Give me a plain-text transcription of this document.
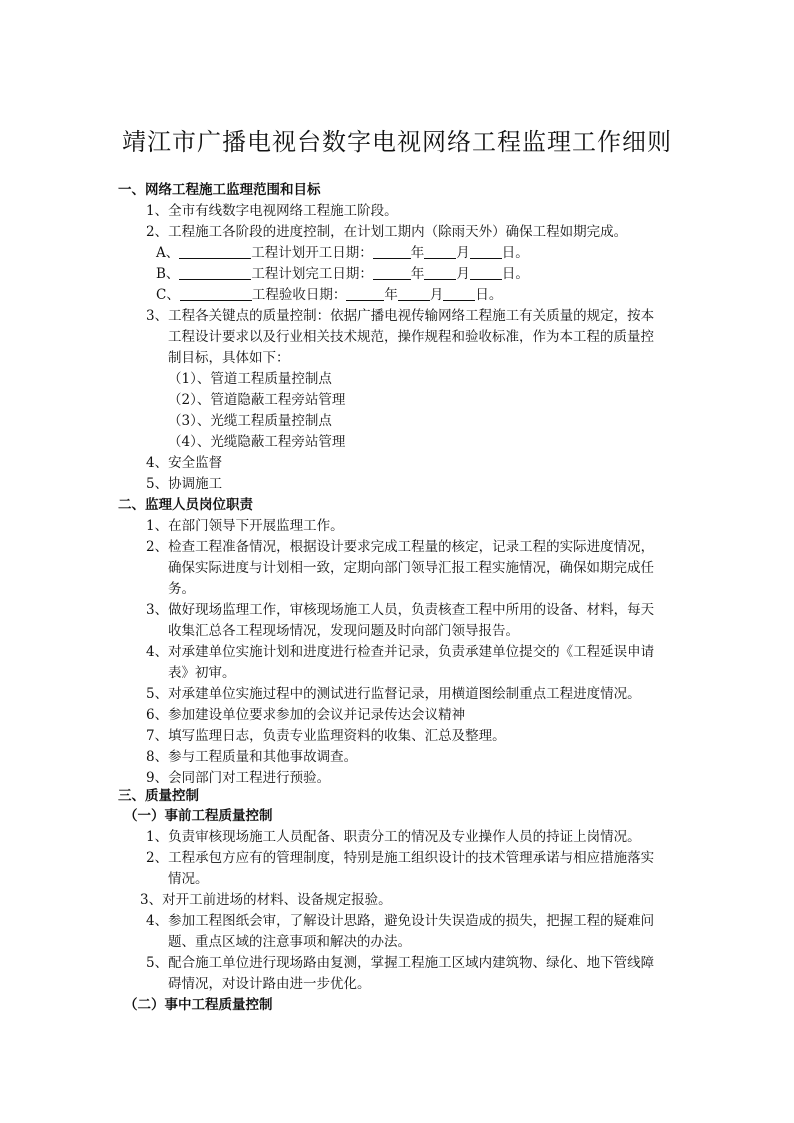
靖江市广播电视台数字电视网络工程监理工作细则
一、网络工程施工监理范围和目标
1、全市有线数字电视网络工程施工阶段。
2、工程施工各阶段的进度控制，在计划工期内（除雨天外）确保工程如期完成。
A、	工程计划开工日期：	年 月 日。
B、	工程计划完工日期：	年 月 日。
C、	工程验收日期：	年 月 日。
3、工程各关键点的质量控制：依据广播电视传输网络工程施工有关质量的规定，按本
工程设计要求以及行业相关技术规范，操作规程和验收标准，作为本工程的质量控
制目标，具体如下：
（1）、管道工程质量控制点
（2）、管道隐蔽工程旁站管理
（3）、光缆工程质量控制点
（4）、光缆隐蔽工程旁站管理
4、安全监督
5、协调施工
二、监理人员岗位职责
1、在部门领导下开展监理工作。
2、检查工程准备情况，根据设计要求完成工程量的核定，记录工程的实际进度情况，
确保实际进度与计划相一致，定期向部门领导汇报工程实施情况，确保如期完成任
务。
3、做好现场监理工作，审核现场施工人员，负责核查工程中所用的设备、材料，每天
收集汇总各工程现场情况，发现问题及时向部门领导报告。
4、对承建单位实施计划和进度进行检查并记录，负责承建单位提交的《工程延误申请
表》初审。
5、对承建单位实施过程中的测试进行监督记录，用横道图绘制重点工程进度情况。
6、参加建设单位要求参加的会议并记录传达会议精神
7、填写监理日志，负责专业监理资料的收集、汇总及整理。
8、参与工程质量和其他事故调查。
9、会同部门对工程进行预验。
三、质量控制
（一）事前工程质量控制
1、负责审核现场施工人员配备、职责分工的情况及专业操作人员的持证上岗情况。
2、工程承包方应有的管理制度，特别是施工组织设计的技术管理承诺与相应措施落实
情况。
3、对开工前进场的材料、设备规定报验。
4、参加工程图纸会审，了解设计思路，避免设计失误造成的损失，把握工程的疑难问
题、重点区域的注意事项和解决的办法。
5、配合施工单位进行现场路由复测，掌握工程施工区域内建筑物、绿化、地下管线障
碍情况，对设计路由进一步优化。
（二）事中工程质量控制
